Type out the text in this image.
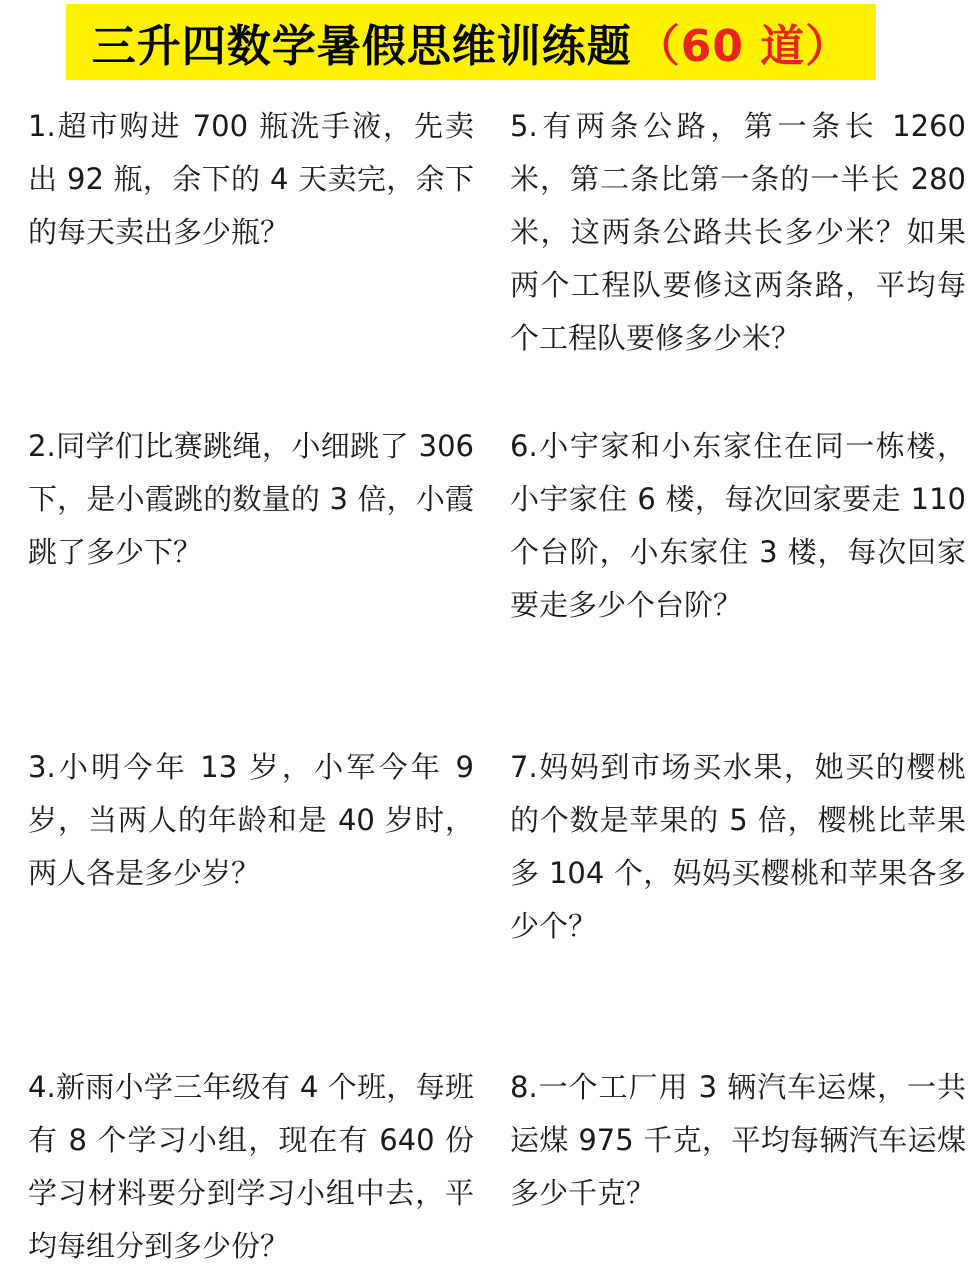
三升四数学暑假思维训练题（60 道）
1.超市购进 700 瓶洗手液，先卖出 92 瓶，余下的 4 天卖完，余下的每天卖出多少瓶？
2.同学们比赛跳绳，小细跳了 306 下，是小霞跳的数量的 3 倍，小霞跳了多少下？
3.小明今年 13 岁，小军今年 9 岁，当两人的年龄和是 40 岁时，两人各是多少岁？
4.新雨小学三年级有 4 个班，每班有 8 个学习小组，现在有 640 份学习材料要分到学习小组中去，平均每组分到多少份？
5.有两条公路，第一条长 1260 米，第二条比第一条的一半长 280 米，这两条公路共长多少米？如果两个工程队要修这两条路，平均每个工程队要修多少米？
6.小宇家和小东家住在同一栋楼，小宇家住 6 楼，每次回家要走 110 个台阶，小东家住 3 楼，每次回家要走多少个台阶？
7.妈妈到市场买水果，她买的樱桃的个数是苹果的 5 倍，樱桃比苹果多 104 个，妈妈买樱桃和苹果各多少个？
8.一个工厂用 3 辆汽车运煤，一共运煤 975 千克，平均每辆汽车运煤多少千克？
